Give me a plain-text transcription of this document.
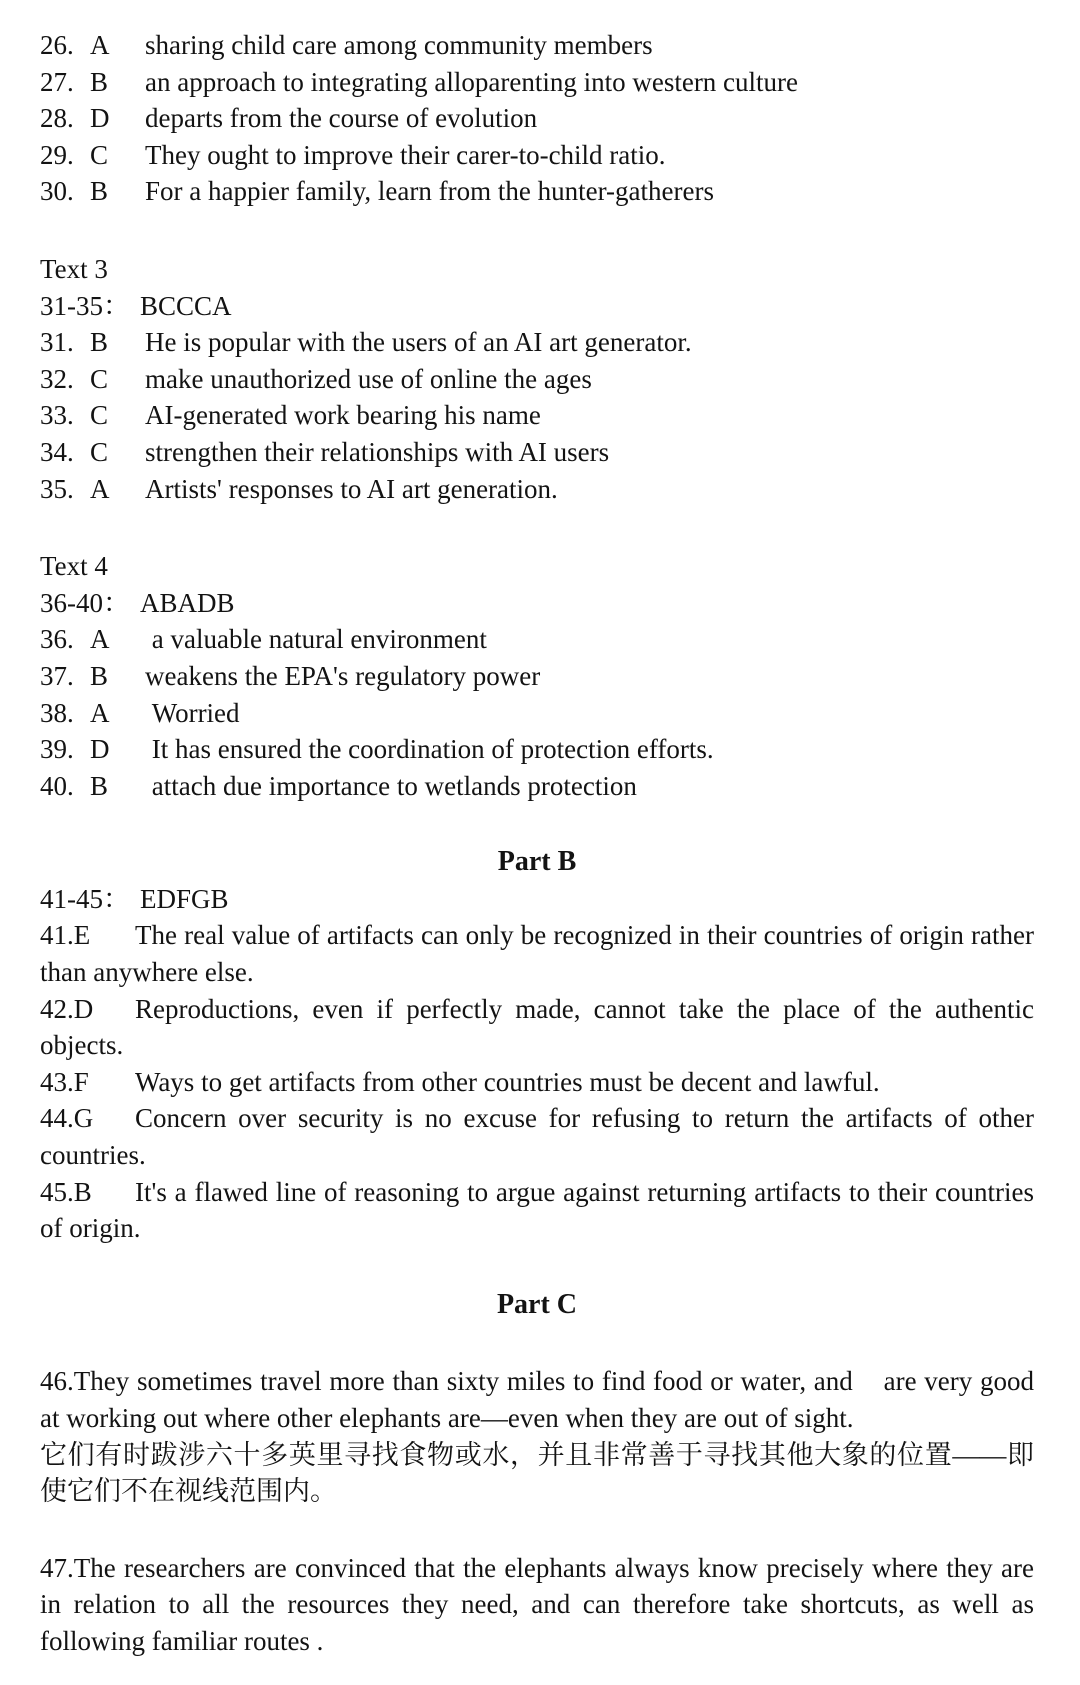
26. A	sharing child care among community members
27. B	an approach to integrating alloparenting into western culture
28. D	departs from the course of evolution
29. C	They ought to improve their carer-to-child ratio.
30. B	For a happier family, learn from the hunter-gatherers
Text 3
31-35： BCCCA
31. B	He is popular with the users of an AI art generator.
32. C	make unauthorized use of online the ages
33. C	AI-generated work bearing his name
34. C	strengthen their relationships with AI users
35. A	Artists' responses to AI art generation.
Text 4
36-40： ABADB
36. A	a valuable natural environment
37. B	weakens the EPA's regulatory power
38. A	Worried
39. D	It has ensured the coordination of protection efforts.
40. B	attach due importance to wetlands protection
Part B
41-45： EDFGB

41.E The real value of artifacts can only be recognized in their countries of origin rather than anywhere else.

42.D Reproductions, even if perfectly made, cannot take the place of the authentic objects.

43.F Ways to get artifacts from other countries must be decent and lawful.

44.G Concern over security is no excuse for refusing to return the artifacts of other countries.

45.B It's a flawed line of reasoning to argue against returning artifacts to their countries of origin.

Part C

46.They sometimes travel more than sixty miles to find food or water, and    are very good at working out where other elephants are—even when they are out of sight.

它们有时跋涉六十多英里寻找食物或水，并且非常善于寻找其他大象的位置——即使它们不在视线范围内。

47.The researchers are convinced that the elephants always know precisely where they are in relation to all the resources they need, and can therefore take shortcuts, as well as following familiar routes .
